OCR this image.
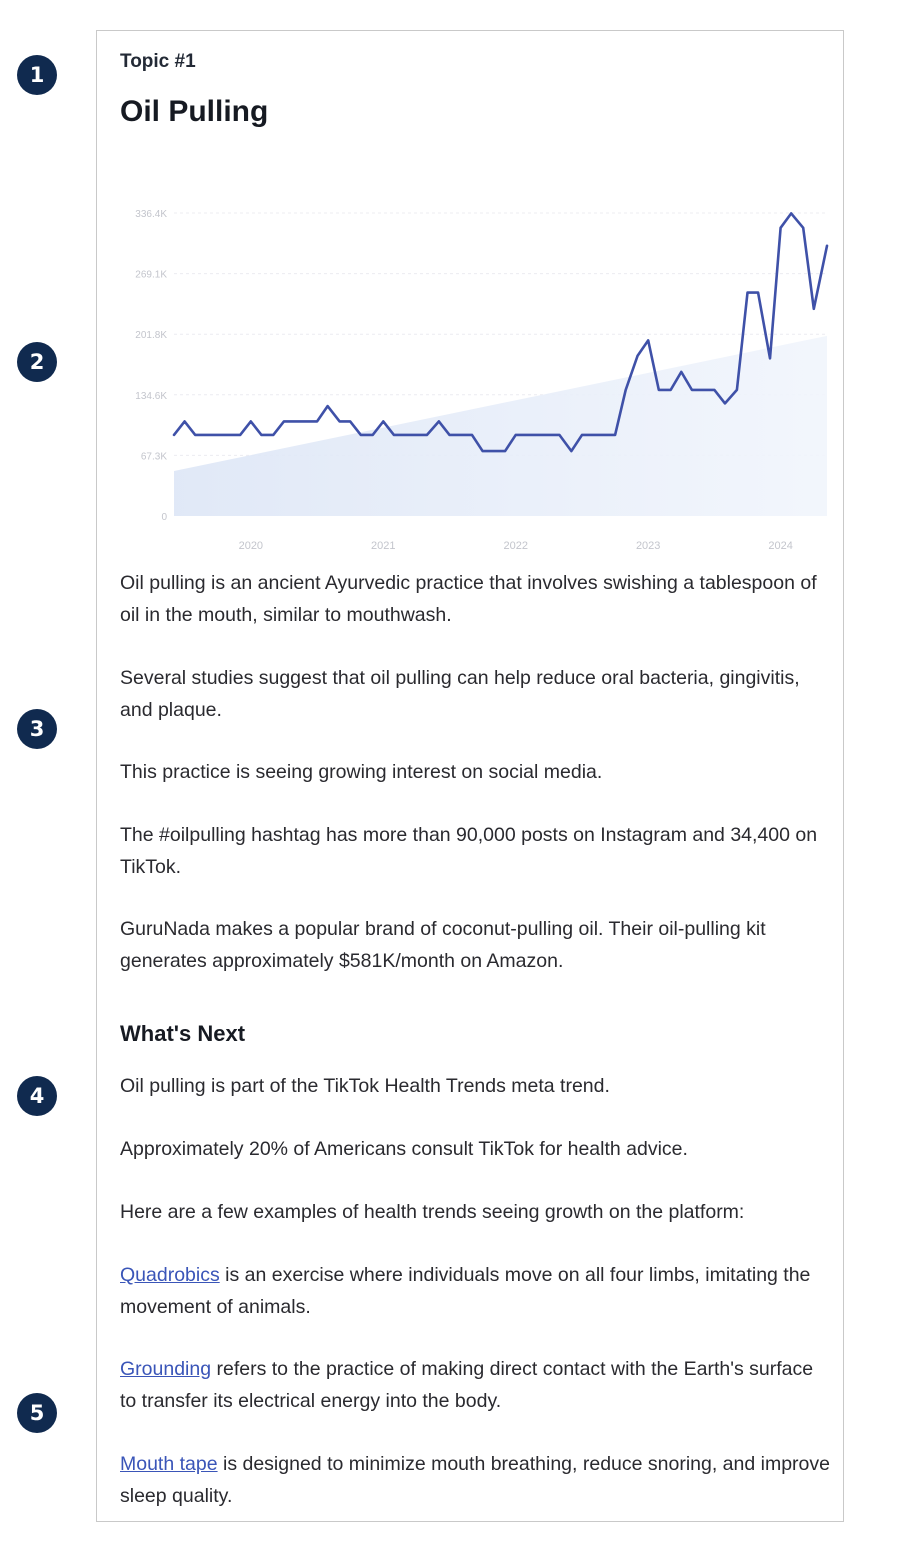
1
2
3
4
5
Topic #1
Oil Pulling
0
67.3K
134.6K
201.8K
269.1K
336.4K
2020	2021	2022	2023	2024
Oil pulling is an ancient Ayurvedic practice that involves swishing a tablespoon of oil in the mouth, similar to mouthwash.
Several studies suggest that oil pulling can help reduce oral bacteria, gingivitis, and plaque.
This practice is seeing growing interest on social media.
The #oilpulling hashtag has more than 90,000 posts on Instagram and 34,400 on TikTok.
GuruNada makes a popular brand of coconut-pulling oil. Their oil-pulling kit generates approximately $581K/month on Amazon.
What's Next
Oil pulling is part of the TikTok Health Trends meta trend.
Approximately 20% of Americans consult TikTok for health advice.
Here are a few examples of health trends seeing growth on the platform:
Quadrobics is an exercise where individuals move on all four limbs, imitating the movement of animals.
Grounding refers to the practice of making direct contact with the Earth's surface to transfer its electrical energy into the body.
Mouth tape is designed to minimize mouth breathing, reduce snoring, and improve sleep quality.
